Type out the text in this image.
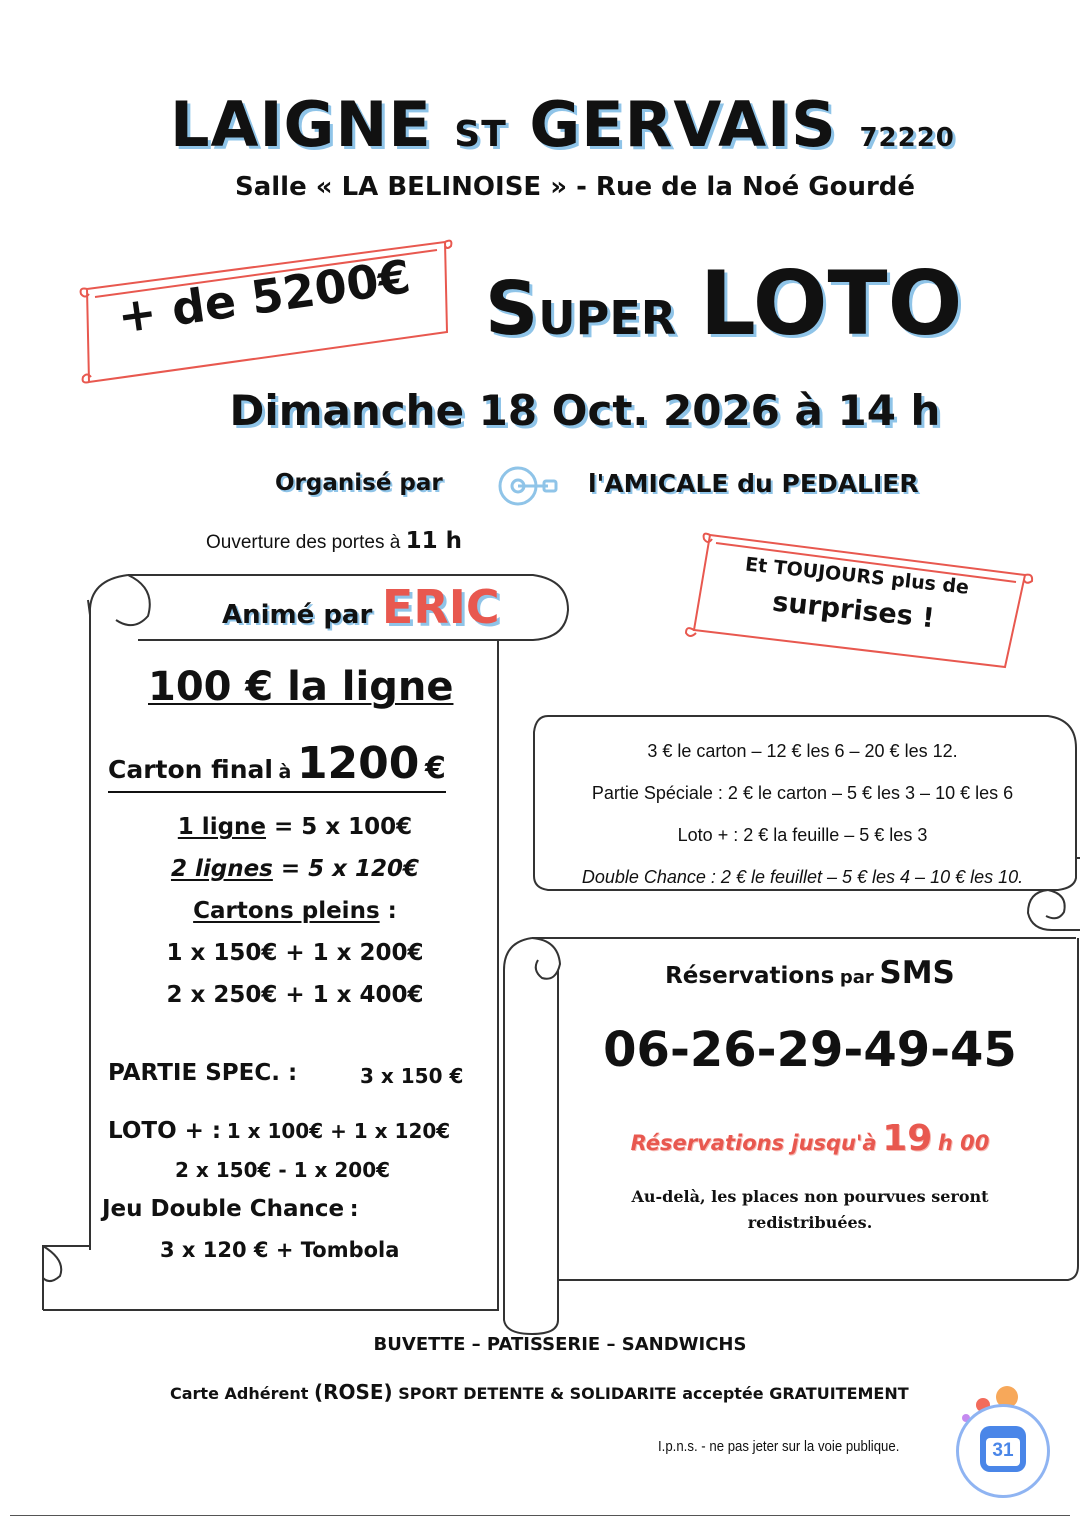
LAIGNE ST GERVAIS 72220
Salle « LA BELINOISE » - Rue de la Noé Gourdé
+ de 5200€ SUPER LOTO
Dimanche 18 Oct. 2026 à 14 h
Organisé par	l'AMICALE du PEDALIER
Ouverture des portes à 11 h
Et TOUJOURS plus de
surprises !
Animé par ERIC
100 € la ligne
Carton final à 1200 €
1 ligne = 5 x 100€
2 lignes = 5 x 120€
Cartons pleins :
1 x 150€ + 1 x 200€
2 x 250€ + 1 x 400€
PARTIE SPEC. :	3 x 150 €
LOTO + : 1 x 100€ + 1 x 120€
2 x 150€ - 1 x 200€
Jeu Double Chance :
3 x 120 € + Tombola
3 € le carton – 12 € les 6 – 20 € les 12.
Partie Spéciale : 2 € le carton – 5 € les 3 – 10 € les 6
Loto + : 2 € la feuille – 5 € les 3
Double Chance : 2 € le feuillet – 5 € les 4 – 10 € les 10.
Réservations par SMS
06-26-29-49-45
Réservations jusqu'à 19 h 00
Au-delà, les places non pourvues seront
redistribuées.
BUVETTE – PATISSERIE – SANDWICHS
Carte Adhérent (ROSE) SPORT DETENTE & SOLIDARITE acceptée GRATUITEMENT
I.p.n.s. - ne pas jeter sur la voie publique.	31
